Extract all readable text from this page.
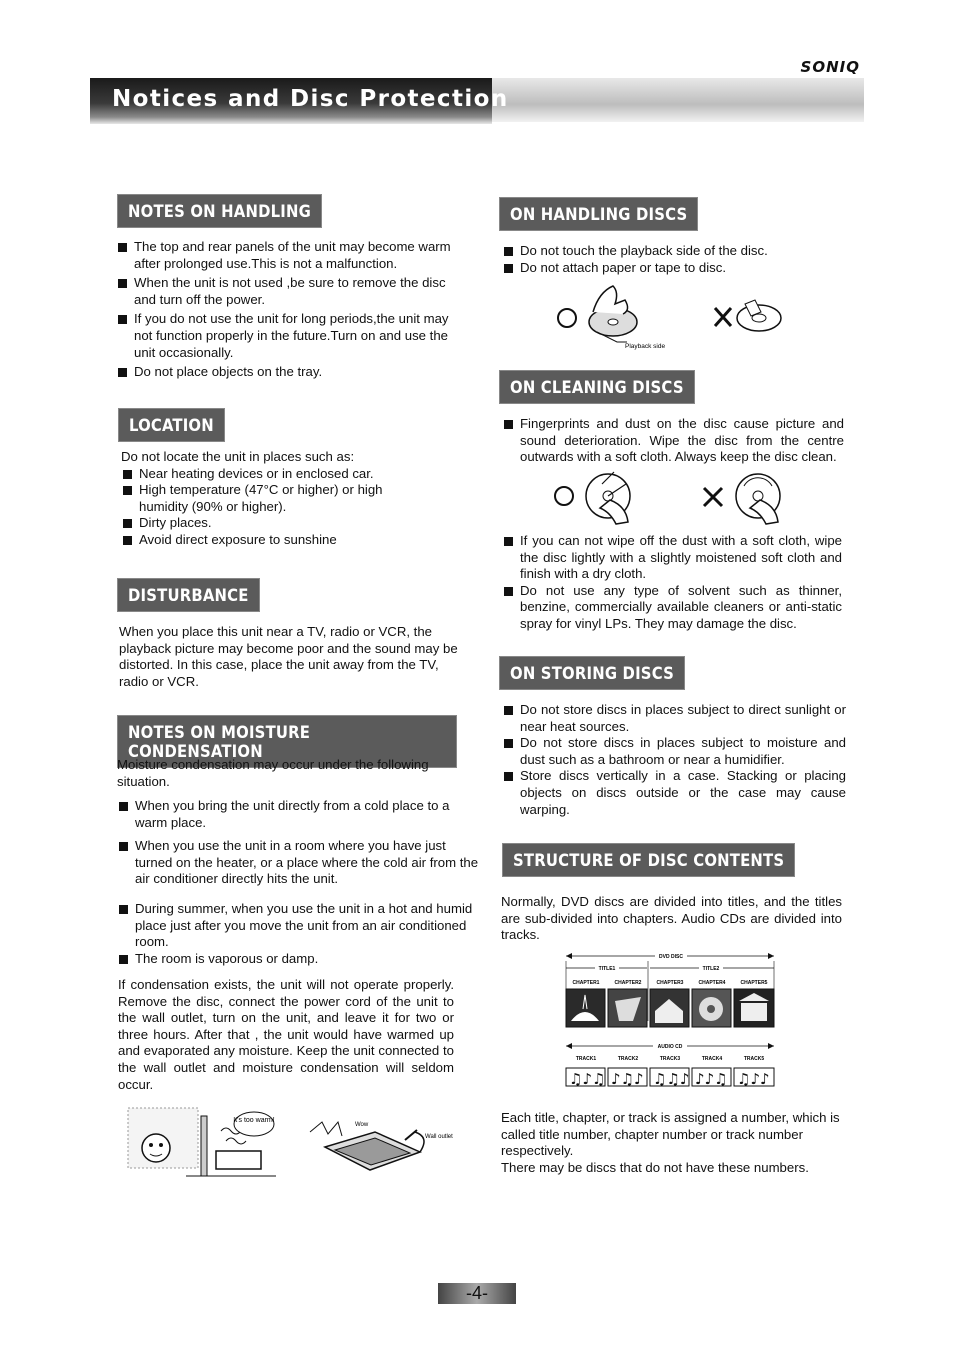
SONIQ
Notices and Disc Protection
NOTES ON HANDLING

The top and rear panels of the unit may become warm after prolonged use.This is not a malfunction.

When the unit is not used ,be sure to remove the disc and turn off the power.

If you do not use the unit for long periods,the unit may not function properly in the future.Turn on and use the unit occasionally.

Do not place objects on the tray.

LOCATION

Do not locate the unit in places such as:

Near heating devices or in enclosed car.

High temperature (47°C or higher) or high humidity (90% or higher).

Dirty places.

Avoid direct exposure to sunshine

DISTURBANCE
When you place this unit near a TV, radio or VCR, the playback picture may become poor and the sound may be distorted. In this case, place the unit away from the TV, radio or VCR.
NOTES ON MOISTURE CONDENSATION
Moisture condensation may occur under the following situation.

When you bring the unit directly from a cold place to a warm place.

When you use the unit in a room where you have just turned on the heater, or a place where the cold air from the air conditioner directly hits the unit.

During summer, when you use the unit in a hot and humid place just after you move the unit from an air conditioned room.

The room is vaporous or damp.

If condensation exists, the unit will not operate properly. Remove the disc, connect the power cord of the unit to the wall outlet, turn on the unit, and leave it for two or three hours. After that , the unit would have warmed up and evaporated any moisture. Keep the unit connected to the wall outlet and moisture condensation will seldom occur.
It's too warm!
Wow
Wall outlet
ON HANDLING DISCS

Do not touch the playback side of the disc.

Do not attach paper or tape to disc.

Playback side
ON CLEANING DISCS

Fingerprints and dust on the disc cause picture and sound deterioration. Wipe the disc from the centre outwards with a soft cloth. Always keep the disc clean.

If you can not wipe off the dust with a soft cloth, wipe the disc lightly with a slightly moistened soft cloth and finish with a dry cloth.

Do not use any type of solvent such as thinner, benzine, commercially available cleaners or anti-static spray for vinyl LPs. They may damage the disc.

ON STORING DISCS

Do not store discs in places subject to direct sunlight or near heat sources.

Do not store discs in places subject to moisture and dust such as a bathroom or near a humidifier.

Store discs vertically in a case. Stacking or placing objects on discs outside or the case may cause warping.

STRUCTURE OF DISC CONTENTS
Normally, DVD discs are divided into titles, and the titles are sub-divided into chapters. Audio CDs are divided into tracks.
DVD DISC
TITLE1	TITLE2
CHAPTER1	CHAPTER2	CHAPTER3	CHAPTER4	CHAPTER5
AUDIO CD
TRACK1	TRACK2	TRACK3	TRACK4	TRACK5
♫♪♫ ♪♫♪ ♫♫♪ ♪♪♫ ♫♪♪

Each title, chapter, or track is assigned a number, which is called title number, chapter number or track number respectively.

There may be discs that do not have these numbers.

-4-
